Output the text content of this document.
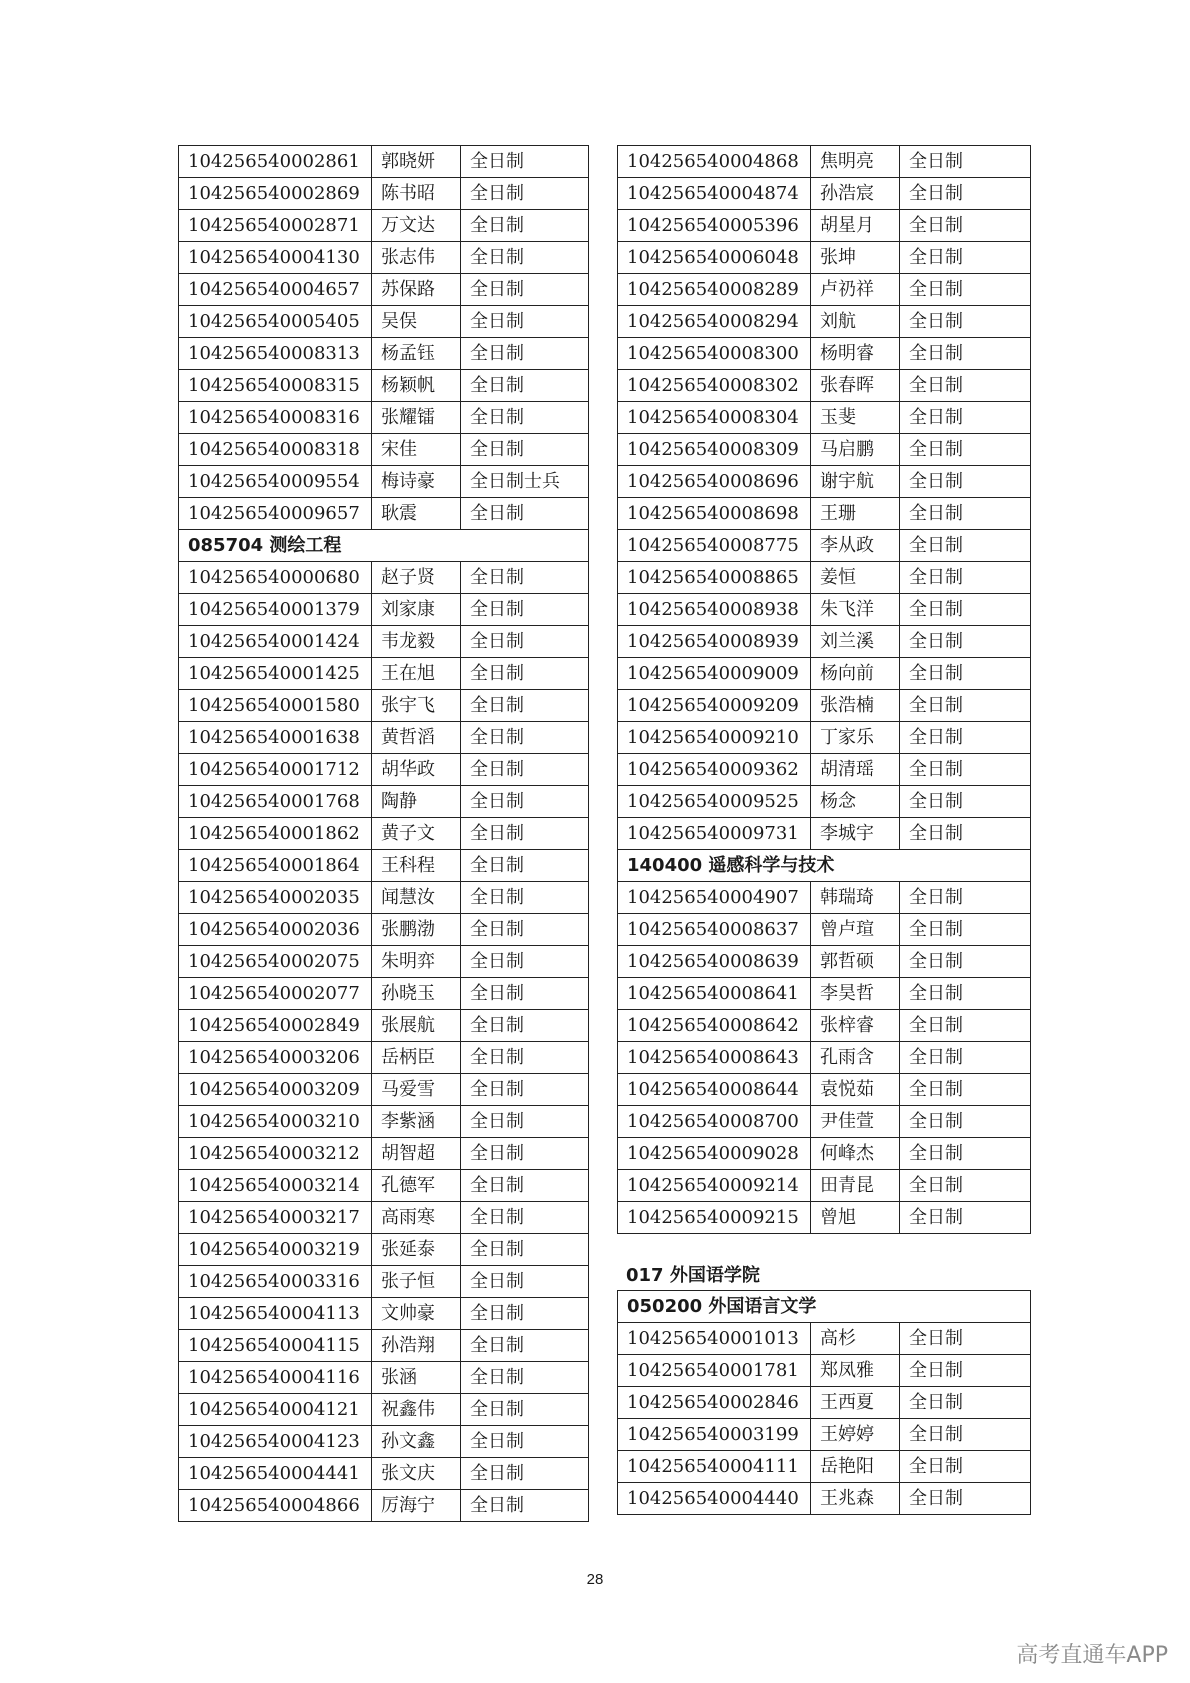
104256540002861	郭晓妍	全日制
104256540002869	陈书昭	全日制
104256540002871	万文达	全日制
104256540004130	张志伟	全日制
104256540004657	苏保路	全日制
104256540005405	吴俣	全日制
104256540008313	杨孟钰	全日制
104256540008315	杨颖帆	全日制
104256540008316	张耀镭	全日制
104256540008318	宋佳	全日制
104256540009554	梅诗豪	全日制士兵
104256540009657	耿震	全日制
085704 测绘工程		
104256540000680	赵子贤	全日制
104256540001379	刘家康	全日制
104256540001424	韦龙毅	全日制
104256540001425	王在旭	全日制
104256540001580	张宇飞	全日制
104256540001638	黄哲滔	全日制
104256540001712	胡华政	全日制
104256540001768	陶静	全日制
104256540001862	黄子文	全日制
104256540001864	王科程	全日制
104256540002035	闻慧汝	全日制
104256540002036	张鹏渤	全日制
104256540002075	朱明弈	全日制
104256540002077	孙晓玉	全日制
104256540002849	张展航	全日制
104256540003206	岳柄臣	全日制
104256540003209	马爱雪	全日制
104256540003210	李紫涵	全日制
104256540003212	胡智超	全日制
104256540003214	孔德军	全日制
104256540003217	高雨寒	全日制
104256540003219	张延泰	全日制
104256540003316	张子恒	全日制
104256540004113	文帅豪	全日制
104256540004115	孙浩翔	全日制
104256540004116	张涵	全日制
104256540004121	祝鑫伟	全日制
104256540004123	孙文鑫	全日制
104256540004441	张文庆	全日制
104256540004866	厉海宁	全日制
104256540004868	焦明亮	全日制
104256540004874	孙浩宸	全日制
104256540005396	胡星月	全日制
104256540006048	张坤	全日制
104256540008289	卢礽祥	全日制
104256540008294	刘航	全日制
104256540008300	杨明睿	全日制
104256540008302	张春晖	全日制
104256540008304	玉斐	全日制
104256540008309	马启鹏	全日制
104256540008696	谢宇航	全日制
104256540008698	王珊	全日制
104256540008775	李从政	全日制
104256540008865	姜恒	全日制
104256540008938	朱飞洋	全日制
104256540008939	刘兰溪	全日制
104256540009009	杨向前	全日制
104256540009209	张浩楠	全日制
104256540009210	丁家乐	全日制
104256540009362	胡清瑶	全日制
104256540009525	杨念	全日制
104256540009731	李城宇	全日制
140400 遥感科学与技术		
104256540004907	韩瑞琦	全日制
104256540008637	曾卢瑄	全日制
104256540008639	郭哲硕	全日制
104256540008641	李昊哲	全日制
104256540008642	张梓睿	全日制
104256540008643	孔雨含	全日制
104256540008644	袁悦茹	全日制
104256540008700	尹佳萱	全日制
104256540009028	何峰杰	全日制
104256540009214	田青昆	全日制
104256540009215	曾旭	全日制
017 外国语学院
050200 外国语言文学		
104256540001013	高杉	全日制
104256540001781	郑凤雅	全日制
104256540002846	王西夏	全日制
104256540003199	王婷婷	全日制
104256540004111	岳艳阳	全日制
104256540004440	王兆森	全日制
28
高考直通车APP
